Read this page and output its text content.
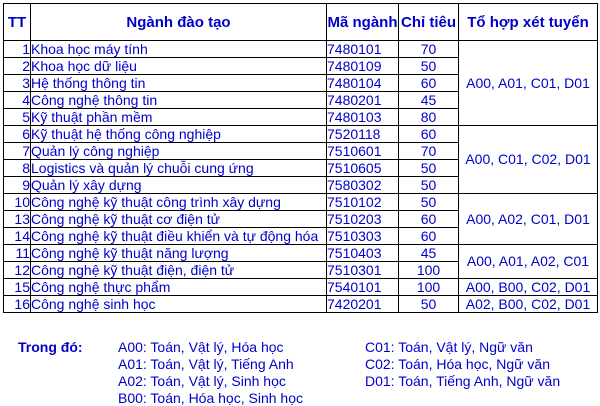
TT	Ngành đào tạo	Mã ngành	Chỉ tiêu	Tổ hợp xét tuyển
1	Khoa học máy tính	7480101	70	A00, A01, C01, D01
2	Khoa học dữ liệu	7480109	50	
3	Hệ thống thông tin	7480104	60	
4	Công nghệ thông tin	7480201	45	
5	Kỹ thuật phần mềm	7480103	80	
6	Kỹ thuật hệ thống công nghiệp	7520118	60	A00, C01, C02, D01
7	Quản lý công nghiệp	7510601	70	
8	Logistics và quản lý chuỗi cung ứng	7510605	50	
9	Quản lý xây dựng	7580302	50	
10	Công nghệ kỹ thuật công trình xây dựng	7510102	50	A00, A02, C01, D01
13	Công nghệ kỹ thuật cơ điện tử	7510203	60	
14	Công nghệ kỹ thuật điều khiển và tự động hóa	7510303	60	
11	Công nghệ kỹ thuật năng lượng	7510403	45	A00, A01, A02, C01
12	Công nghệ kỹ thuật điện, điện tử	7510301	100	
15	Công nghệ thực phẩm	7540101	100	A00, B00, C02, D01
16	Công nghệ sinh học	7420201	50	A02, B00, C02, D01
Trong đó:	A00: Toán, Vật lý, Hóa học
A01: Toán, Vật lý, Tiếng Anh
A02: Toán, Vật lý, Sinh học
B00: Toán, Hóa học, Sinh học
C01: Toán, Vật lý, Ngữ văn
C02: Toán, Hóa học, Ngữ văn
D01: Toán, Tiếng Anh, Ngữ văn
